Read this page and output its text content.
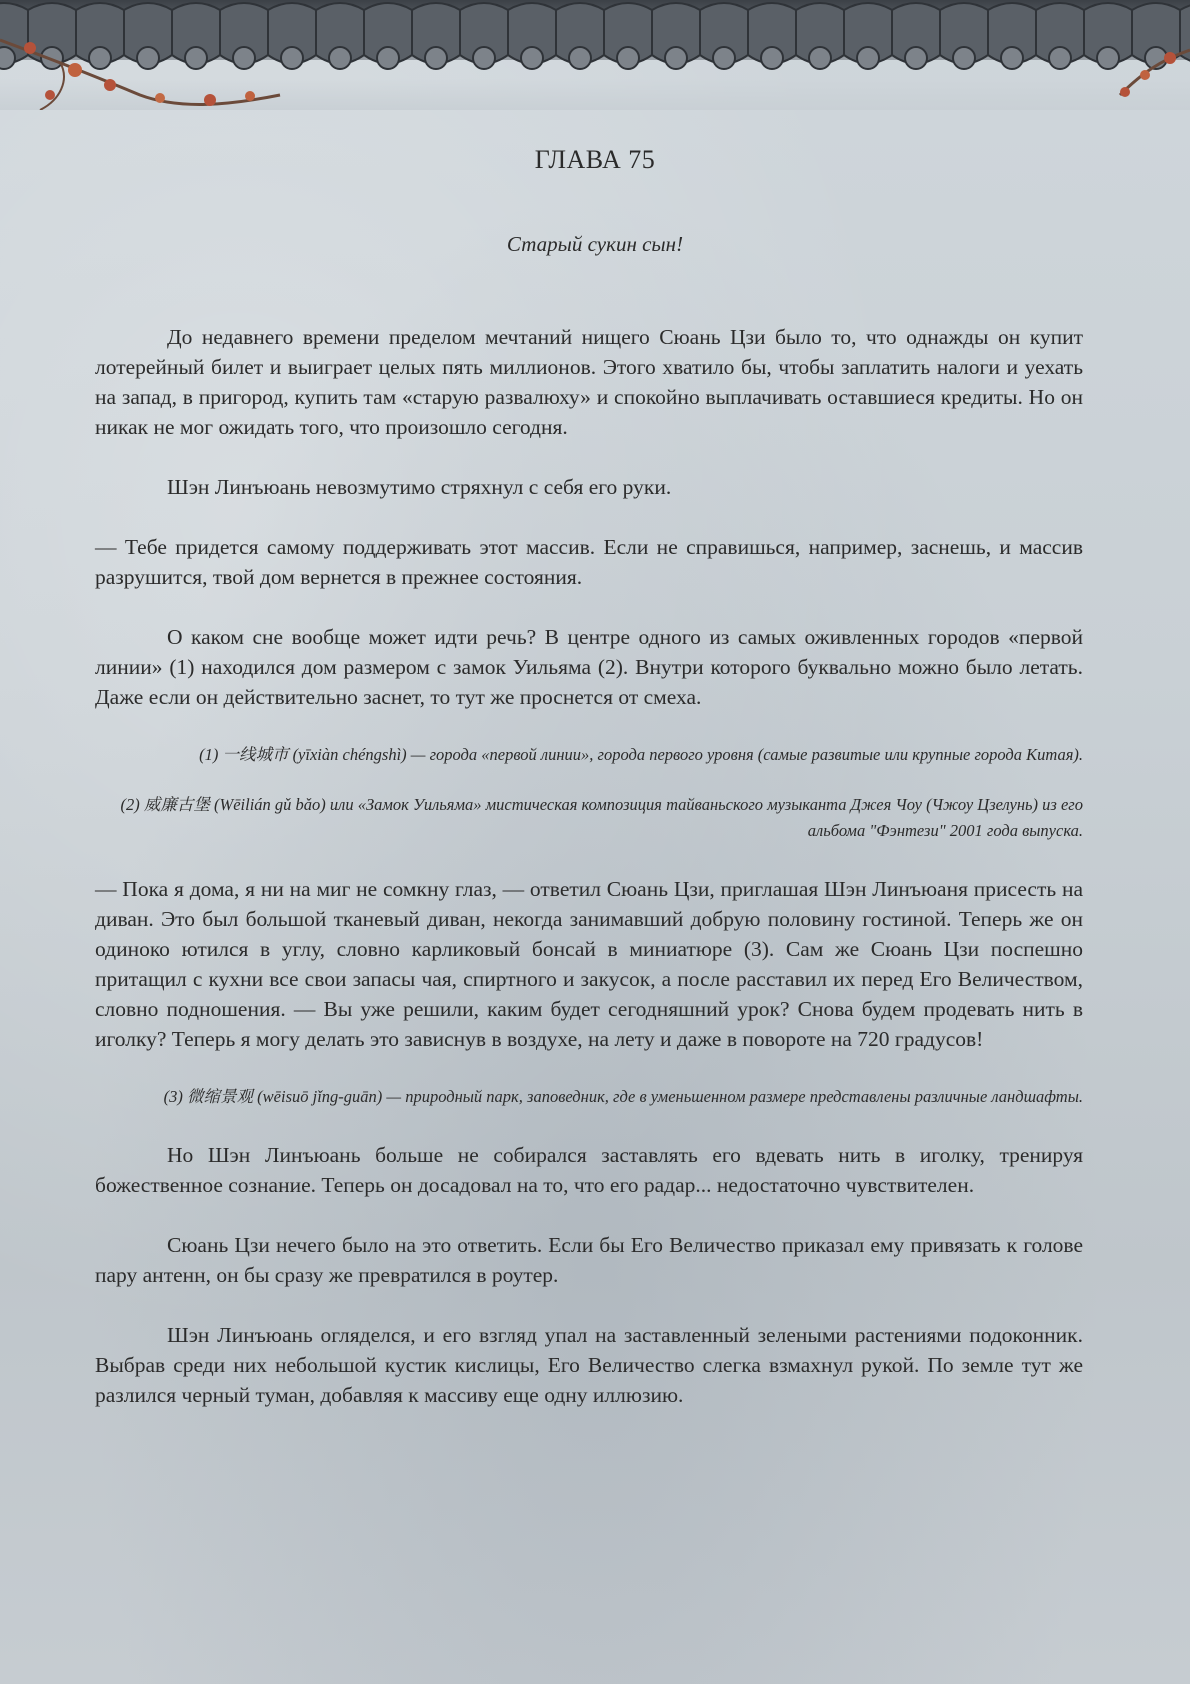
ГЛАВА 75
Старый сукин сын!

До недавнего времени пределом мечтаний нищего Сюань Цзи было то, что однажды он купит лотерейный билет и выиграет целых пять миллионов. Этого хватило бы, чтобы заплатить налоги и уехать на запад, в пригород, купить там «старую развалюху» и спокойно выплачивать оставшиеся кредиты. Но он никак не мог ожидать того, что произошло сегодня.

Шэн Линъюань невозмутимо стряхнул с себя его руки.

— Тебе придется самому поддерживать этот массив. Если не справишься, например, заснешь, и массив разрушится, твой дом вернется в прежнее состояния.

О каком сне вообще может идти речь? В центре одного из самых оживленных городов «первой линии» (1) находился дом размером с замок Уильяма (2). Внутри которого буквально можно было летать. Даже если он действительно заснет, то тут же проснется от смеха.

(1) 一线城市 (yīxiàn chéngshì) — города «первой линии», города первого уровня (самые развитые или крупные города Китая).

(2) 威廉古堡 (Wēilián gǔ bǎo) или «Замок Уильяма» мистическая композиция тайваньского музыканта Джея Чоу (Чжоу Цзелунь) из его альбома "Фэнтези" 2001 года выпуска.

— Пока я дома, я ни на миг не сомкну глаз, — ответил Сюань Цзи, приглашая Шэн Линъюаня присесть на диван. Это был большой тканевый диван, некогда занимавший добрую половину гостиной. Теперь же он одиноко ютился в углу, словно карликовый бонсай в миниатюре (3). Сам же Сюань Цзи поспешно притащил с кухни все свои запасы чая, спиртного и закусок, а после расставил их перед Его Величеством, словно подношения. — Вы уже решили, каким будет сегодняшний урок? Снова будем продевать нить в иголку? Теперь я могу делать это зависнув в воздухе, на лету и даже в повороте на 720 градусов!

(3) 微缩景观 (wēisuō jǐng-guān) — природный парк, заповедник, где в уменьшенном размере представлены различные ландшафты.

Но Шэн Линъюань больше не собирался заставлять его вдевать нить в иголку, тренируя божественное сознание. Теперь он досадовал на то, что его радар... недостаточно чувствителен.

Сюань Цзи нечего было на это ответить. Если бы Его Величество приказал ему привязать к голове пару антенн, он бы сразу же превратился в роутер.

Шэн Линъюань огляделся, и его взгляд упал на заставленный зелеными растениями подоконник. Выбрав среди них небольшой кустик кислицы, Его Величество слегка взмахнул рукой. По земле тут же разлился черный туман, добавляя к массиву еще одну иллюзию.
